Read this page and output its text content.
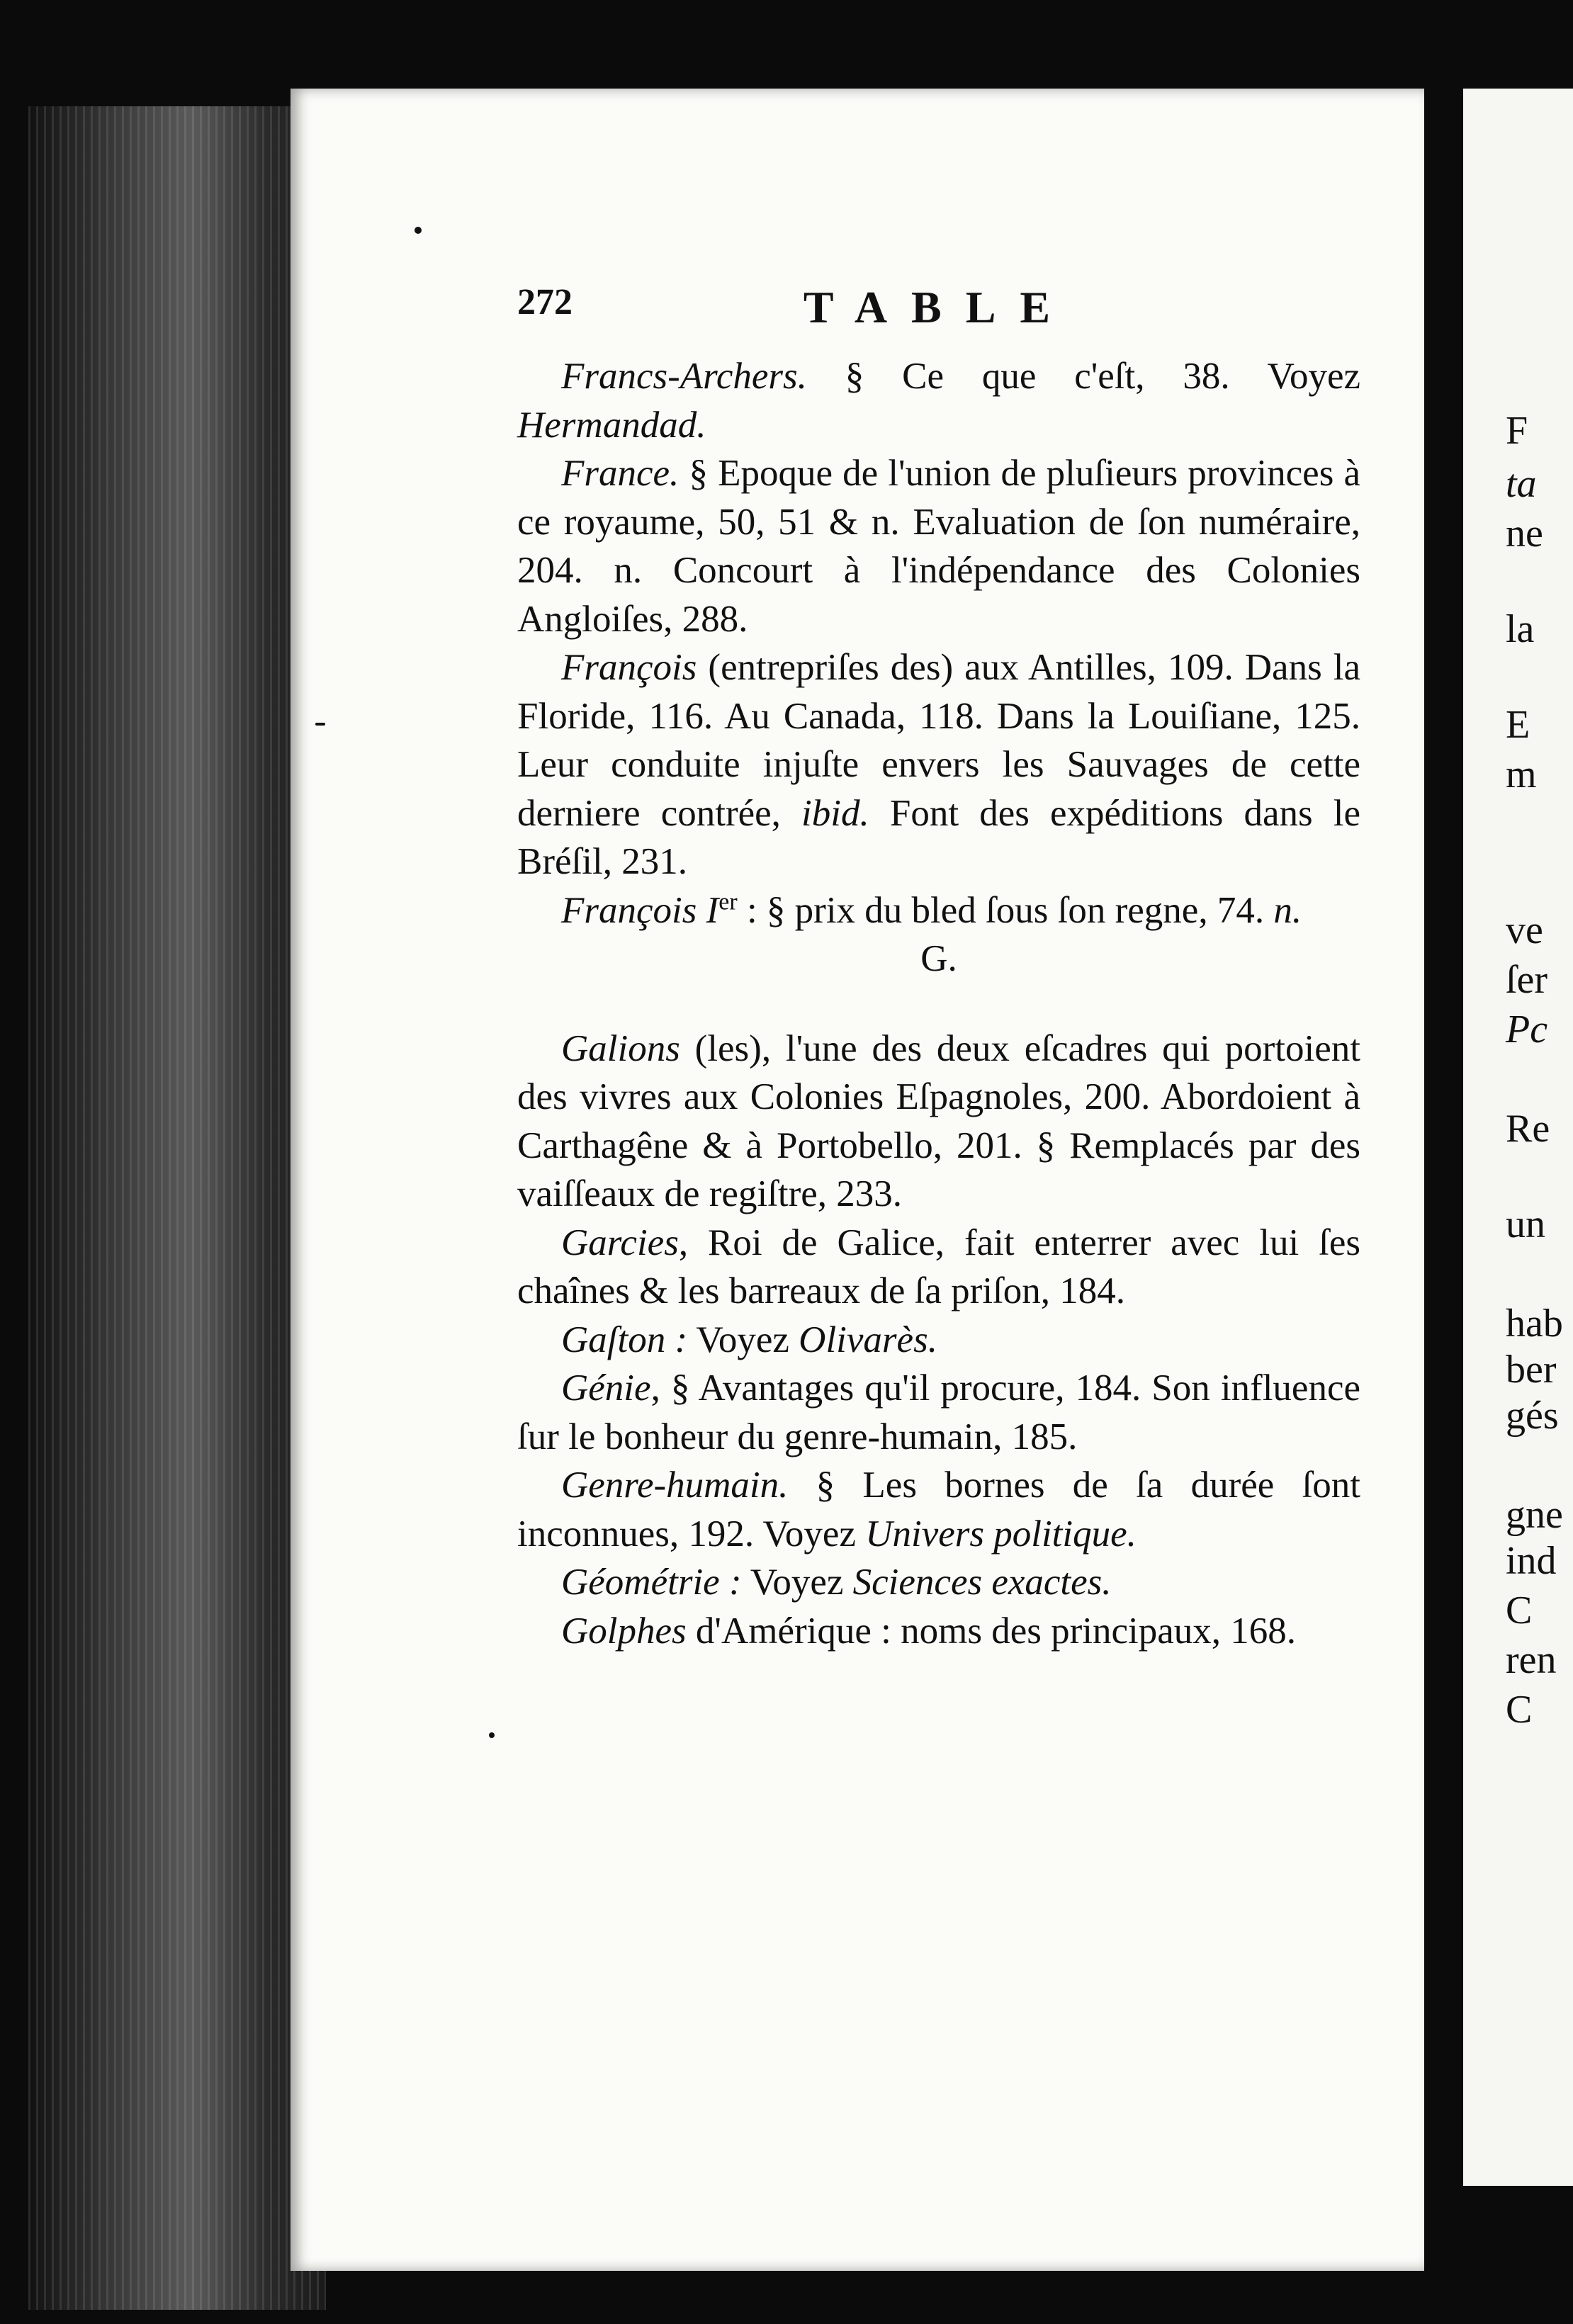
F
ta
ne
la
E
m
ve
ſer
Pc
Re
un
hab
ber
gés
gne
ind
C
ren
C
272	TABLE

Francs-Archers. § Ce que c'eſt, 38. Voyez Hermandad.

France. § Epoque de l'union de pluſieurs provinces à ce royaume, 50, 51 & n. Evaluation de ſon numéraire, 204. n. Concourt à l'indépendance des Colonies Angloiſes, 288.

François (entrepriſes des) aux Antilles, 109. Dans la Floride, 116. Au Canada, 118. Dans la Louiſiane, 125. Leur conduite injuſte envers les Sauvages de cette derniere contrée, ibid. Font des expéditions dans le Bréſil, 231.

François Ier : § prix du bled ſous ſon regne, 74. n.

G.

Galions (les), l'une des deux eſcadres qui portoient des vivres aux Colonies Eſpagnoles, 200. Abordoient à Carthagêne & à Portobello, 201. § Remplacés par des vaiſſeaux de regiſtre, 233.

Garcies, Roi de Galice, fait enterrer avec lui ſes chaînes & les barreaux de ſa priſon, 184.

Gaſton : Voyez Olivarès.

Génie, § Avantages qu'il procure, 184. Son influence ſur le bonheur du genre-humain, 185.

Genre-humain. § Les bornes de ſa durée ſont inconnues, 192. Voyez Univers politique.

Géométrie : Voyez Sciences exactes.

Golphes d'Amérique : noms des principaux, 168.
